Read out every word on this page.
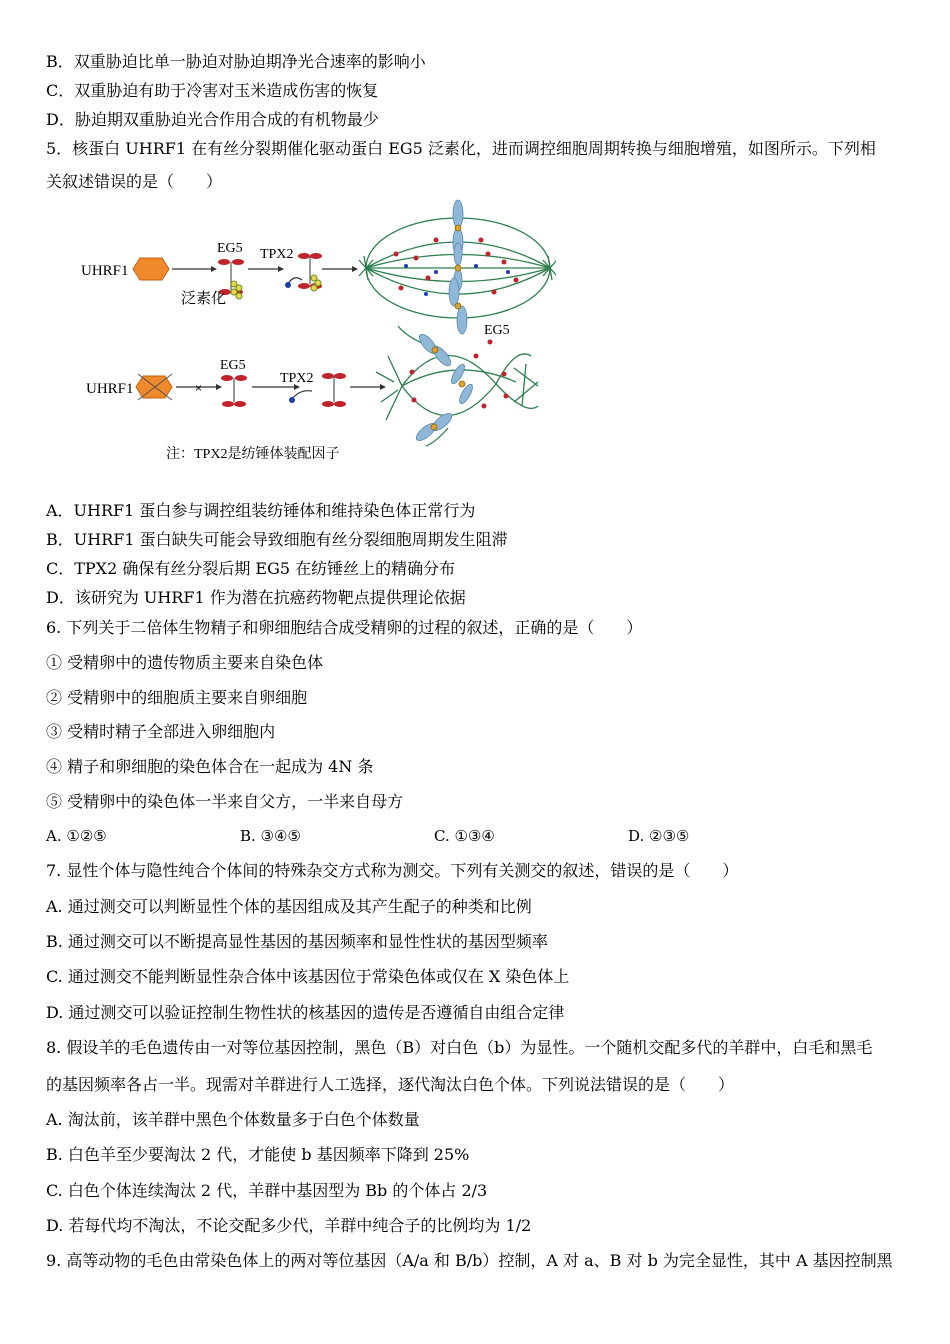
B．双重胁迫比单一胁迫对胁迫期净光合速率的影响小
C．双重胁迫有助于冷害对玉米造成伤害的恢复
D．胁迫期双重胁迫光合作用合成的有机物最少
5．核蛋白 UHRF1 在有丝分裂期催化驱动蛋白 EG5 泛素化，进而调控细胞周期转换与细胞增殖，如图所示。下列相
关叙述错误的是（　　）
UHRF1
EG5
泛素化
TPX2
UHRF1	×
EG5
TPX2
EG5
注：TPX2是纺锤体装配因子
A．UHRF1 蛋白参与调控组装纺锤体和维持染色体正常行为
B．UHRF1 蛋白缺失可能会导致细胞有丝分裂细胞周期发生阻滞
C．TPX2 确保有丝分裂后期 EG5 在纺锤丝上的精确分布
D．该研究为 UHRF1 作为潜在抗癌药物靶点提供理论依据
6. 下列关于二倍体生物精子和卵细胞结合成受精卵的过程的叙述，正确的是（　　）
① 受精卵中的遗传物质主要来自染色体
② 受精卵中的细胞质主要来自卵细胞
③ 受精时精子全部进入卵细胞内
④ 精子和卵细胞的染色体合在一起成为 4N 条
⑤ 受精卵中的染色体一半来自父方，一半来自母方
A. ①②⑤	B. ③④⑤	C. ①③④	D. ②③⑤
7. 显性个体与隐性纯合个体间的特殊杂交方式称为测交。下列有关测交的叙述，错误的是（　　）
A. 通过测交可以判断显性个体的基因组成及其产生配子的种类和比例
B. 通过测交可以不断提高显性基因的基因频率和显性性状的基因型频率
C. 通过测交不能判断显性杂合体中该基因位于常染色体或仅在 X 染色体上
D. 通过测交可以验证控制生物性状的核基因的遗传是否遵循自由组合定律
8. 假设羊的毛色遗传由一对等位基因控制，黑色（B）对白色（b）为显性。一个随机交配多代的羊群中，白毛和黑毛
的基因频率各占一半。现需对羊群进行人工选择，逐代淘汰白色个体。下列说法错误的是（　　）
A. 淘汰前，该羊群中黑色个体数量多于白色个体数量
B. 白色羊至少要淘汰 2 代，才能使 b 基因频率下降到 25%
C. 白色个体连续淘汰 2 代，羊群中基因型为 Bb 的个体占 2/3
D. 若每代均不淘汰，不论交配多少代，羊群中纯合子的比例均为 1/2
9. 高等动物的毛色由常染色体上的两对等位基因（A/a 和 B/b）控制，A 对 a、B 对 b 为完全显性，其中 A 基因控制黑
